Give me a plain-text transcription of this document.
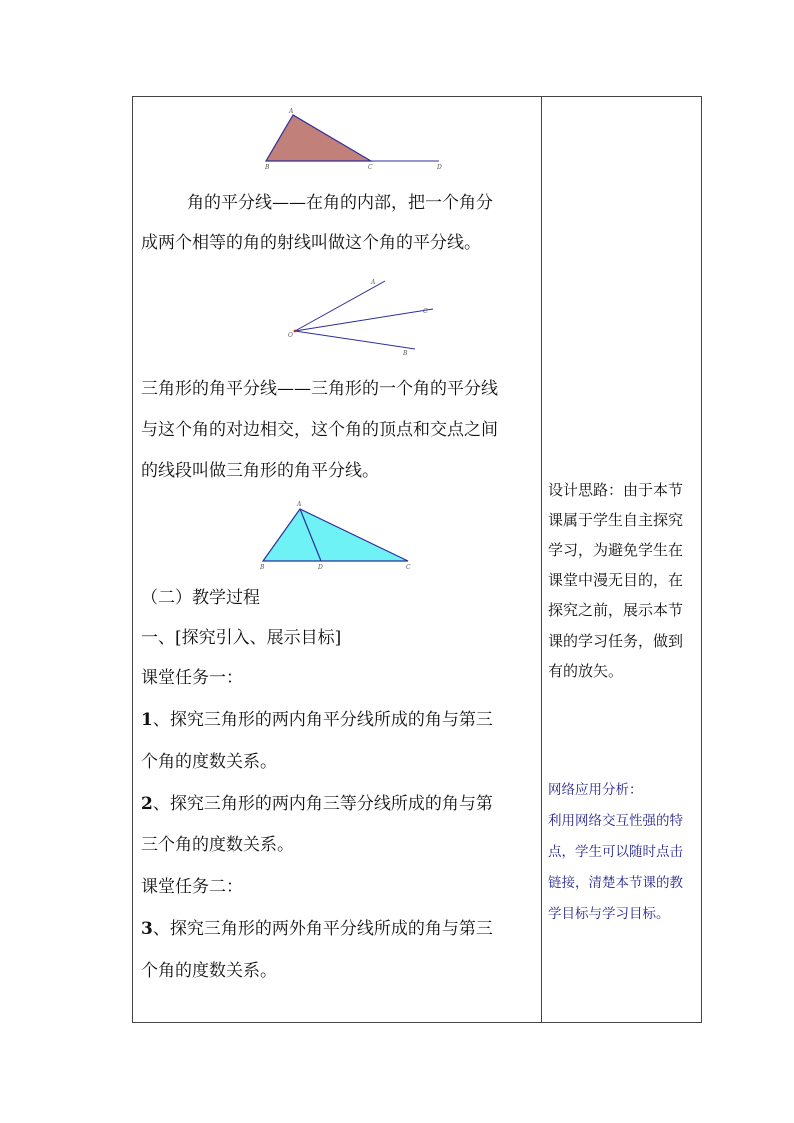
A
B	C	D
角的平分线——在角的内部，把一个角分
成两个相等的角的射线叫做这个角的平分线。
A
C
O
B
三角形的角平分线——三角形的一个角的平分线
与这个角的对边相交，这个角的顶点和交点之间
的线段叫做三角形的角平分线。
A
B	D	C
（二）教学过程
一、[探究引入、展示目标]
课堂任务一：
1、探究三角形的两内角平分线所成的角与第三
个角的度数关系。
2、探究三角形的两内角三等分线所成的角与第
三个角的度数关系。
课堂任务二：
3、探究三角形的两外角平分线所成的角与第三
个角的度数关系。
设计思路：由于本节
课属于学生自主探究
学习，为避免学生在
课堂中漫无目的，在
探究之前，展示本节
课的学习任务，做到
有的放矢。
网络应用分析：
利用网络交互性强的特
点，学生可以随时点击
链接，清楚本节课的教
学目标与学习目标。
